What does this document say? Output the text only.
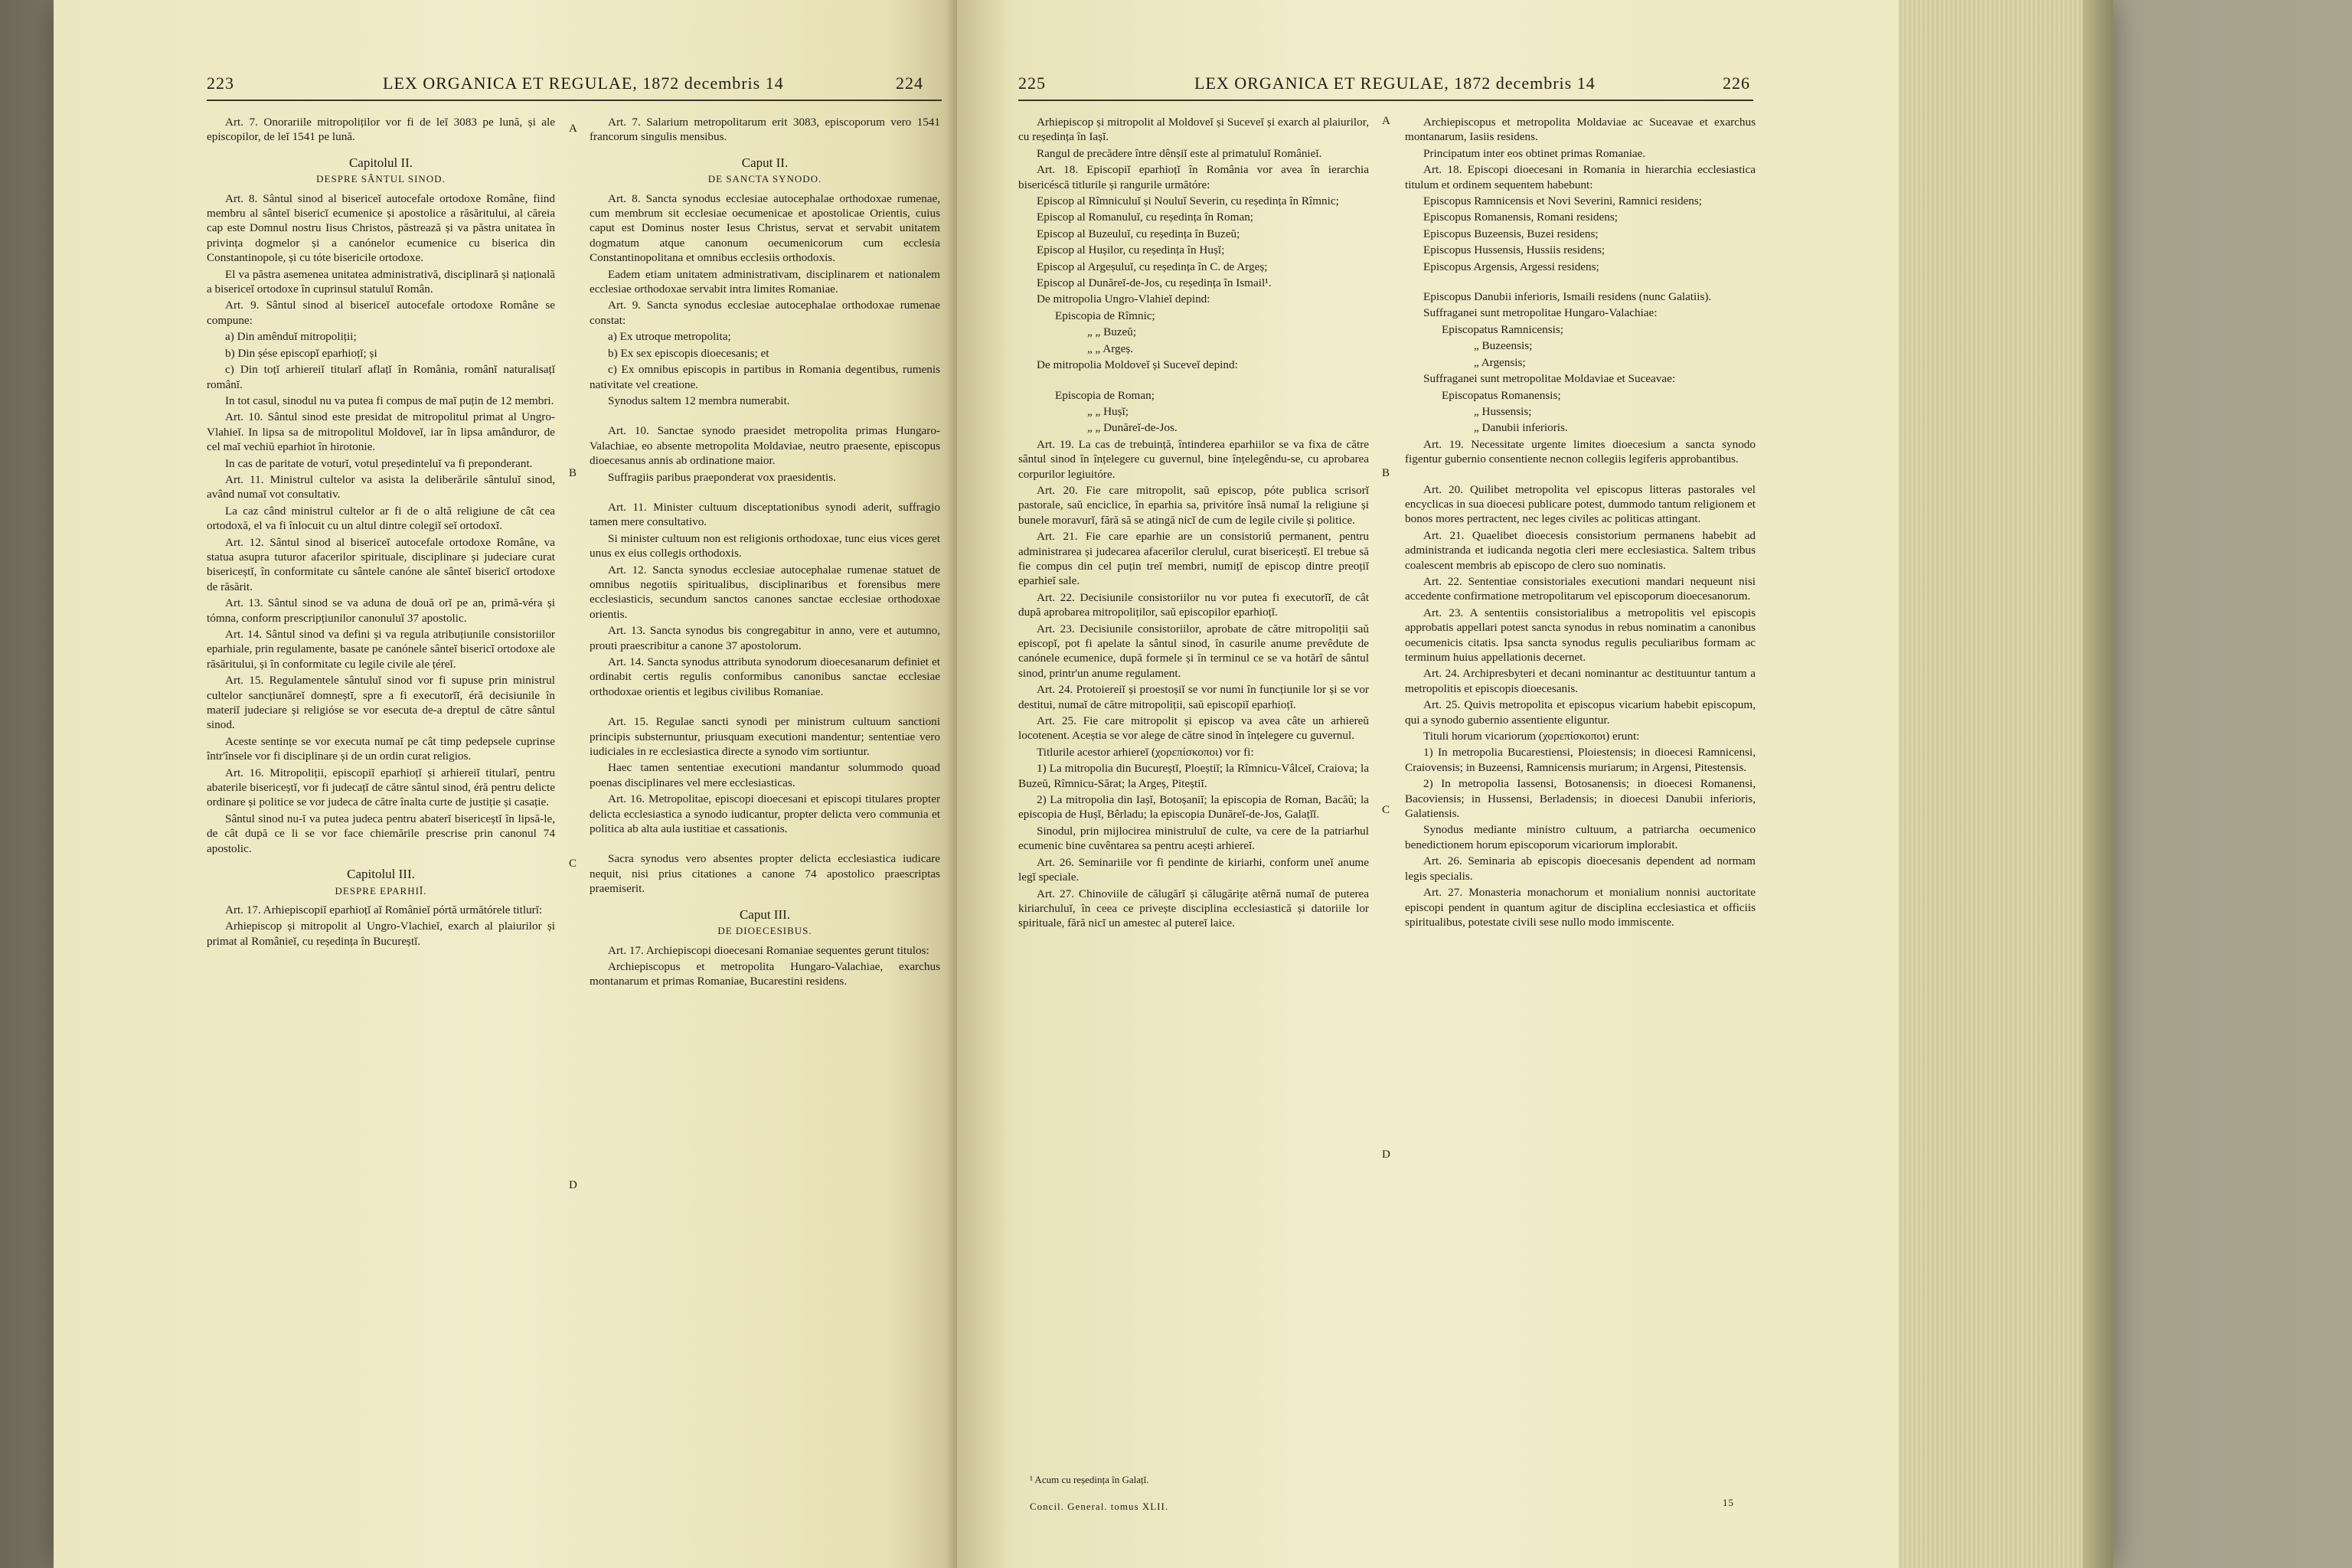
223	LEX ORGANICA ET REGULAE, 1872 decembris 14	224

Art. 7. Onorariile mitropoliților vor fi de leĭ 3083 pe lună, și ale episcopilor, de leĭ 1541 pe lună.

Capitolul II.

DESPRE SÂNTUL SINOD.

Art. 8. Sântul sinod al bisericeĭ autocefale ortodoxe Române, fiind membru al sânteĭ bisericĭ ecumenice și apostolice a răsăritului, al căreia cap este Domnul nostru Iisus Christos, păstrează și va păstra unitatea în privința dogmelor și a canónelor ecumenice cu biserica din Constantinopole, și cu tóte bisericile ortodoxe.

El va păstra asemenea unitatea administrativă, disciplinară și națională a bisericeĭ ortodoxe în cuprinsul statuluĭ Român.

Art. 9. Sântul sinod al bisericeĭ autocefale ortodoxe Române se compune:

a) Din amênduĭ mitropoliții;

b) Din șése episcopĭ eparhioțĭ; și

c) Din toțĭ arhiereiĭ titularĭ aflațĭ în România, românĭ naturalisațĭ românĭ.

In tot casul, sinodul nu va putea fi compus de maĭ puțin de 12 membri.

Art. 10. Sântul sinod este presidat de mitropolitul primat al Ungro-Vlahieĭ. In lipsa sa de mitropolitul Moldoveĭ, iar în lipsa amânduror, de cel maĭ vechiŭ eparhiot în hirotonie.

In cas de paritate de voturĭ, votul președinteluĭ va fi preponderant.

Art. 11. Ministrul cultelor va asista la deliberările sântuluĭ sinod, având numaĭ vot consultativ.

La caz când ministrul cultelor ar fi de o altă religiune de cât cea ortodoxă, el va fi înlocuit cu un altul dintre colegiĭ seĭ ortodoxĭ.

Art. 12. Sântul sinod al bisericeĭ autocefale ortodoxe Române, va statua asupra tuturor afacerilor spirituale, disciplinare și judeciare curat bisericeștĭ, în conformitate cu sântele canóne ale sânteĭ bisericĭ ortodoxe de răsărit.

Art. 13. Sântul sinod se va aduna de două orĭ pe an, primă-véra și tómna, conform prescripțiunilor canonuluĭ 37 apostolic.

Art. 14. Sântul sinod va defini și va regula atribuțiunile consistoriilor eparhiale, prin regulamente, basate pe canónele sânteĭ bisericĭ ortodoxe ale răsăritului, și în conformitate cu legile civile ale țéreĭ.

Art. 15. Regulamentele sântuluĭ sinod vor fi supuse prin ministrul cultelor sancțiunăreĭ domneștĭ, spre a fi executorĭĭ, éră decisiunile în materiĭ judeciare și religióse se vor esecuta de-a dreptul de către sântul sinod.

Aceste sentințe se vor executa numaĭ pe cât timp pedepsele cuprinse într'însele vor fi disciplinare și de un ordin curat religios.

Art. 16. Mitropoliții, episcopiĭ eparhioțĭ și arhiereiĭ titularĭ, pentru abaterile bisericeștĭ, vor fi judecațĭ de către sântul sinod, éră pentru delicte ordinare și politice se vor judeca de către înalta curte de justiție și casație.

Sântul sinod nu-ĭ va putea judeca pentru abaterĭ bisericeștĭ în lipsă-le, de cât după ce li se vor face chiemările prescrise prin canonul 74 apostolic.

Capitolul III.

DESPRE EPARHIĬ.

Art. 17. Arhiepiscopiĭ eparhioțĭ aĭ Românieĭ pórtă următórele titlurĭ:

Arhiepiscop și mitropolit al Ungro-Vlachieĭ, exarch al plaiurilor și primat al Românieĭ, cu reședința în Bucureștĭ.

Art. 7. Salarium metropolitarum erit 3083, episcoporum vero 1541 francorum singulis mensibus.

Caput II.

DE SANCTA SYNODO.

Art. 8. Sancta synodus ecclesiae autocephalae orthodoxae rumenae, cum membrum sit ecclesiae oecumenicae et apostolicae Orientis, cuius caput est Dominus noster Iesus Christus, servat et servabit unitatem dogmatum atque canonum oecumenicorum cum ecclesia Constantinopolitana et omnibus ecclesiis orthodoxis.

Eadem etiam unitatem administrativam, disciplinarem et nationalem ecclesiae orthodoxae servabit intra limites Romaniae.

Art. 9. Sancta synodus ecclesiae autocephalae orthodoxae rumenae constat:

a) Ex utroque metropolita;

b) Ex sex episcopis dioecesanis; et

c) Ex omnibus episcopis in partibus in Romania degentibus, rumenis nativitate vel creatione.

Synodus saltem 12 membra numerabit.

Art. 10. Sanctae synodo praesidet metropolita primas Hungaro-Valachiae, eo absente metropolita Moldaviae, neutro praesente, episcopus dioecesanus annis ab ordinatione maior.

Suffragiis paribus praeponderat vox praesidentis.

Art. 11. Minister cultuum disceptationibus synodi aderit, suffragio tamen mere consultativo.

Si minister cultuum non est religionis orthodoxae, tunc eius vices geret unus ex eius collegis orthodoxis.

Art. 12. Sancta synodus ecclesiae autocephalae rumenae statuet de omnibus negotiis spiritualibus, disciplinaribus et forensibus mere ecclesiasticis, secundum sanctos canones sanctae ecclesiae orthodoxae orientis.

Art. 13. Sancta synodus bis congregabitur in anno, vere et autumno, prouti praescribitur a canone 37 apostolorum.

Art. 14. Sancta synodus attributa synodorum dioecesanarum definiet et ordinabit certis regulis conformibus canonibus sanctae ecclesiae orthodoxae orientis et legibus civilibus Romaniae.

Art. 15. Regulae sancti synodi per ministrum cultuum sanctioni principis substernuntur, priusquam executioni mandentur; sententiae vero iudiciales in re ecclesiastica directe a synodo vim sortiuntur.

Haec tamen sententiae executioni mandantur solummodo quoad poenas disciplinares vel mere ecclesiasticas.

Art. 16. Metropolitae, episcopi dioecesani et episcopi titulares propter delicta ecclesiastica a synodo iudicantur, propter delicta vero communia et politica ab alta aula iustitiae et cassationis.

Sacra synodus vero absentes propter delicta ecclesiastica iudicare nequit, nisi prius citationes a canone 74 apostolico praescriptas praemiserit.

Caput III.

DE DIOECESIBUS.

Art. 17. Archiepiscopi dioecesani Romaniae sequentes gerunt titulos:

Archiepiscopus et metropolita Hungaro-Valachiae, exarchus montanarum et primas Romaniae, Bucarestini residens.

A
B
C
D
225	LEX ORGANICA ET REGULAE, 1872 decembris 14	226

Arhiepiscop și mitropolit al Moldoveĭ și Suceveĭ și exarch al plaiurilor, cu reședința în Iașĭ.

Rangul de precădere între dênșiĭ este al primatuluĭ Românieĭ.

Art. 18. Episcopiĭ eparhioțĭ în România vor avea în ierarchia bisericéscă titlurile și rangurile următóre:

Episcop al Rîmniculuĭ și Nouluĭ Severin, cu reședința în Rîmnic;

Episcop al Romanuluĭ, cu reședința în Roman;

Episcop al Buzeuluĭ, cu reședința în Buzeŭ;

Episcop al Hușilor, cu reședința în Hușĭ;

Episcop al Argeșuluĭ, cu reședința în C. de Argeș;

Episcop al Dunăreĭ-de-Jos, cu reședința în Ismail¹.

De mitropolia Ungro-Vlahieĭ depind:

Episcopia de Rîmnic;

„ „ Buzeŭ;

„ „ Argeș.

De mitropolia Moldoveĭ și Suceveĭ depind:

Episcopia de Roman;

„ „ Hușĭ;

„ „ Dunăreĭ-de-Jos.

Art. 19. La cas de trebuință, întinderea eparhiilor se va fixa de către sântul sinod în înțelegere cu guvernul, bine înțelegêndu-se, cu aprobarea corpurilor legiuitóre.

Art. 20. Fie care mitropolit, saŭ episcop, póte publica scrisorĭ pastorale, saŭ enciclice, în eparhia sa, privitóre însă numaĭ la religiune și bunele moravurĭ, fără să se atingă nicĭ de cum de legile civile și politice.

Art. 21. Fie care eparhie are un consistoriŭ permanent, pentru administrarea și judecarea afacerilor clerulul, curat bisericeștĭ. El trebue să fie compus din cel puțin treĭ membri, numițĭ de episcop dintre preoțiĭ eparhieĭ sale.

Art. 22. Decisiunile consistoriilor nu vor putea fi executorĭĭ, de cât după aprobarea mitropoliților, saŭ episcopilor eparhioțĭ.

Art. 23. Decisiunile consistoriilor, aprobate de către mitropoliții saŭ episcopĭ, pot fi apelate la sântul sinod, în casurile anume prevêdute de canónele ecumenice, după formele și în terminul ce se va hotărî de sântul sinod, printr'un anume regulament.

Art. 24. Protoiereiĭ și proestoșiĭ se vor numi în funcțiunile lor și se vor destitui, numaĭ de către mitropoliții, saŭ episcopiĭ eparhioțĭ.

Art. 25. Fie care mitropolit și episcop va avea câte un arhiereŭ locotenent. Aceștia se vor alege de către sinod în înțelegere cu guvernul.

Titlurile acestor arhiereĭ (χορεπίσκοποι) vor fi:

1) La mitropolia din Bucureștĭ, Ploeștiĭ; la Rîmnicu-Vâlceĭ, Craiova; la Buzeŭ, Rîmnicu-Sărat; la Argeș, Piteștiĭ.

2) La mitropolia din Iașĭ, Botoșaniĭ; la episcopia de Roman, Bacăŭ; la episcopia de Hușĭ, Bêrladu; la episcopia Dunăreĭ-de-Jos, Galațĭĭ.

Sinodul, prin mijlocirea ministruluĭ de culte, va cere de la patriarhul ecumenic bine cuvêntarea sa pentru acești arhiereĭ.

Art. 26. Seminariile vor fi pendinte de kiriarhi, conform uneĭ anume legĭ speciale.

Art. 27. Chinoviile de călugărĭ și călugărițe atêrnă numaĭ de puterea kiriarchuluĭ, în ceea ce privește disciplina ecclesiastică și datoriile lor spirituale, fără nicĭ un amestec al putereĭ laice.

Archiepiscopus et metropolita Moldaviae ac Suceavae et exarchus montanarum, Iasiis residens.

Principatum inter eos obtinet primas Romaniae.

Art. 18. Episcopi dioecesani in Romania in hierarchia ecclesiastica titulum et ordinem sequentem habebunt:

Episcopus Ramnicensis et Novi Severini, Ramnici residens;

Episcopus Romanensis, Romani residens;

Episcopus Buzeensis, Buzei residens;

Episcopus Hussensis, Hussiis residens;

Episcopus Argensis, Argessi residens;

Episcopus Danubii inferioris, Ismaili residens (nunc Galatiis).

Suffraganei sunt metropolitae Hungaro-Valachiae:

Episcopatus Ramnicensis;

„ Buzeensis;

„ Argensis;

Suffraganei sunt metropolitae Moldaviae et Suceavae:

Episcopatus Romanensis;

„ Hussensis;

„ Danubii inferioris.

Art. 19. Necessitate urgente limites dioecesium a sancta synodo figentur gubernio consentiente necnon collegiis legiferis approbantibus.

Art. 20. Quilibet metropolita vel episcopus litteras pastorales vel encyclicas in sua dioecesi publicare potest, dummodo tantum religionem et bonos mores pertractent, nec leges civiles ac politicas attingant.

Art. 21. Quaelibet dioecesis consistorium permanens habebit ad administranda et iudicanda negotia cleri mere ecclesiastica. Saltem tribus coalescent membris ab episcopo de clero suo nominatis.

Art. 22. Sententiae consistoriales executioni mandari nequeunt nisi accedente confirmatione metropolitarum vel episcoporum dioecesanorum.

Art. 23. A sententiis consistorialibus a metropolitis vel episcopis approbatis appellari potest sancta synodus in rebus nominatim a canonibus oecumenicis citatis. Ipsa sancta synodus regulis peculiaribus formam ac terminum huius appellationis decernet.

Art. 24. Archipresbyteri et decani nominantur ac destituuntur tantum a metropolitis et episcopis dioecesanis.

Art. 25. Quivis metropolita et episcopus vicarium habebit episcopum, qui a synodo gubernio assentiente eliguntur.

Tituli horum vicariorum (χορεπίσκοποι) erunt:

1) In metropolia Bucarestiensi, Ploiestensis; in dioecesi Ramnicensi, Craiovensis; in Buzeensi, Ramnicensis muriarum; in Argensi, Pitestensis.

2) In metropolia Iassensi, Botosanensis; in dioecesi Romanensi, Bacoviensis; in Hussensi, Berladensis; in dioecesi Danubii inferioris, Galatiensis.

Synodus mediante ministro cultuum, a patriarcha oecumenico benedictionem horum episcoporum vicariorum implorabit.

Art. 26. Seminaria ab episcopis dioecesanis dependent ad normam legis specialis.

Art. 27. Monasteria monachorum et monialium nonnisi auctoritate episcopi pendent in quantum agitur de disciplina ecclesiastica et officiis spiritualibus, potestate civili sese nullo modo immiscente.

A
B
C
D
¹ Acum cu reședința în Galațĭ.
Concil. General. tomus XLII.	15
